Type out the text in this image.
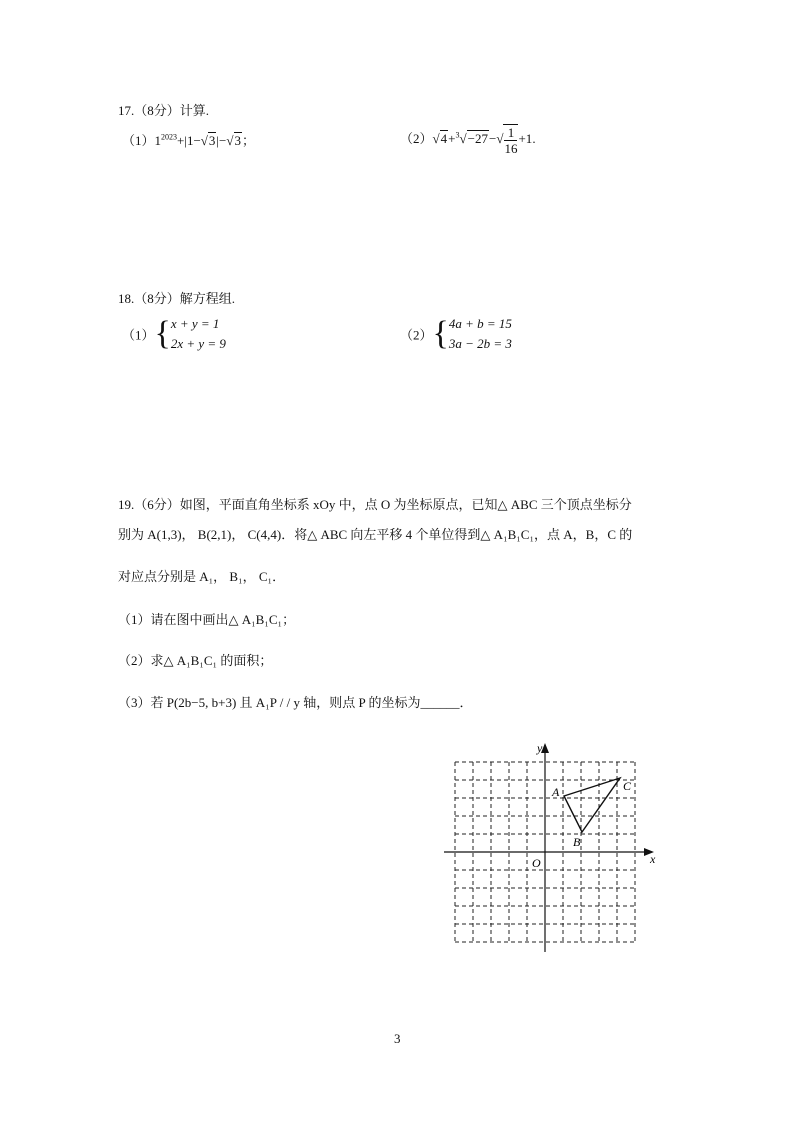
17.（8分）计算.
$(1)1^{2023}+|1-√3|-√3$；	$(2)√4+^3√-27-√ \frac{1}{16} +1$.
18.（8分）解方程组.
（1）{ x + y = 1
2x + y = 9
（2）{ 4a + b = 15
3a − 2b = 3
19.（6分）如图，平面直角坐标系 xOy 中，点 O 为坐标原点，已知△ ABC 三个顶点坐标分
别为 A(1,3)， B(2,1)， C(4,4)．将△ ABC 向左平移 4 个单位得到△ A₁B₁C₁，点 A，B，C 的
对应点分别是 A₁， B₁， C₁．
（1）请在图中画出△ A₁B₁C₁；
（2）求△ A₁B₁C₁ 的面积；
（3）若 P(2b−5, b+3) 且 A₁P / / y 轴，则点 P 的坐标为______．
y
x
O
A
B
C
3
